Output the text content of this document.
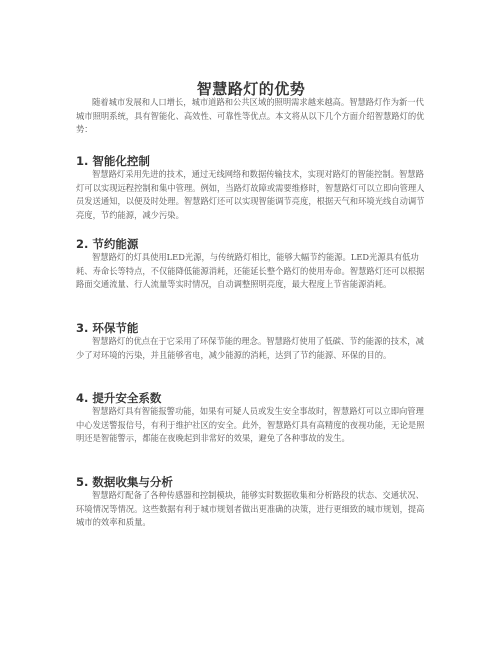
智慧路灯的优势

随着城市发展和人口增长，城市道路和公共区域的照明需求越来越高。智慧路灯作为新一代城市照明系统，具有智能化、高效性、可靠性等优点。本文将从以下几个方面介绍智慧路灯的优势：

1. 智能化控制

智慧路灯采用先进的技术，通过无线网络和数据传输技术，实现对路灯的智能控制。智慧路灯可以实现远程控制和集中管理。例如，当路灯故障或需要维修时，智慧路灯可以立即向管理人员发送通知，以便及时处理。智慧路灯还可以实现智能调节亮度，根据天气和环境光线自动调节亮度，节约能源，减少污染。

2. 节约能源

智慧路灯的灯具使用LED光源，与传统路灯相比，能够大幅节约能源。LED光源具有低功耗、寿命长等特点，不仅能降低能源消耗，还能延长整个路灯的使用寿命。智慧路灯还可以根据路面交通流量、行人流量等实时情况，自动调整照明亮度，最大程度上节省能源消耗。

3. 环保节能

智慧路灯的优点在于它采用了环保节能的理念。智慧路灯使用了低碳、节约能源的技术，减少了对环境的污染，并且能够省电，减少能源的消耗，达到了节约能源、环保的目的。

4. 提升安全系数

智慧路灯具有智能报警功能，如果有可疑人员或发生安全事故时，智慧路灯可以立即向管理中心发送警报信号，有利于维护社区的安全。此外，智慧路灯具有高精度的夜视功能，无论是照明还是智能警示，都能在夜晚起到非常好的效果，避免了各种事故的发生。

5. 数据收集与分析

智慧路灯配备了各种传感器和控制模块，能够实时数据收集和分析路段的状态、交通状况、环境情况等情况。这些数据有利于城市规划者做出更准确的决策，进行更细致的城市规划，提高城市的效率和质量。
